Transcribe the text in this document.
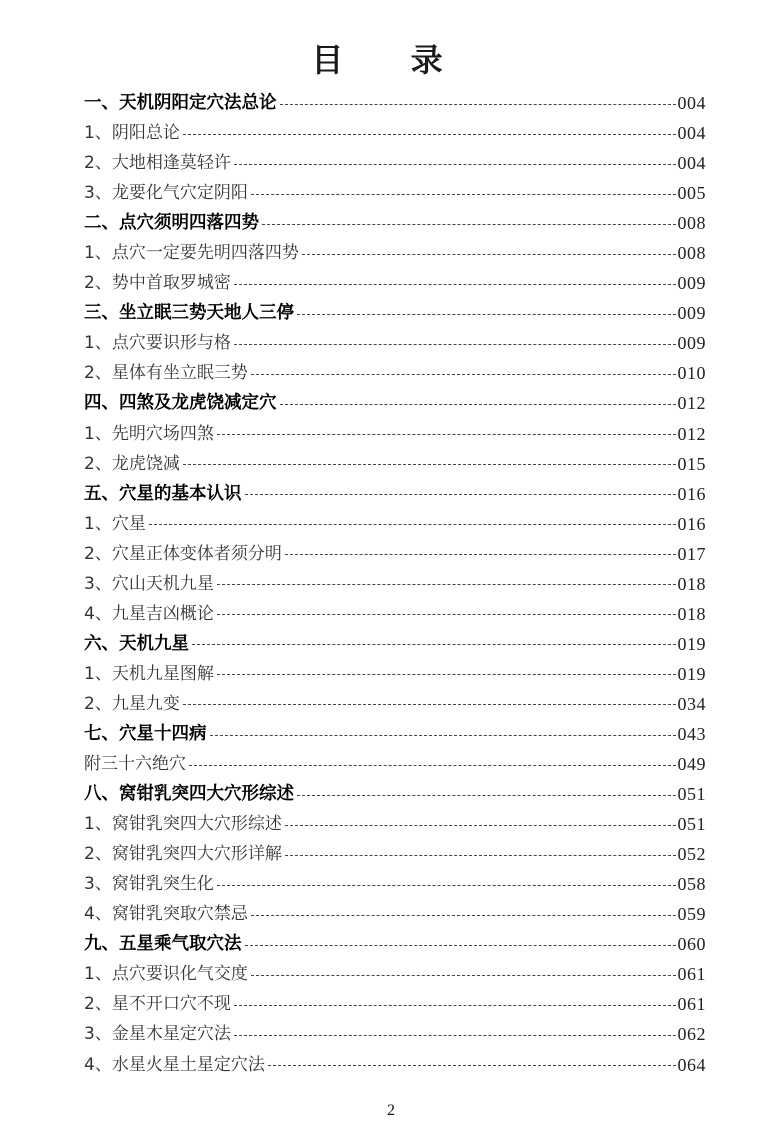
目 录
一、天机阴阳定穴法总论	004
1、阴阳总论	004
2、大地相逢莫轻许	004
3、龙要化气穴定阴阳	005
二、点穴须明四落四势	008
1、点穴一定要先明四落四势	008
2、势中首取罗城密	009
三、坐立眠三势天地人三停	009
1、点穴要识形与格	009
2、星体有坐立眠三势	010
四、四煞及龙虎饶减定穴	012
1、先明穴场四煞	012
2、龙虎饶减	015
五、穴星的基本认识	016
1、穴星	016
2、穴星正体变体者须分明	017
3、穴山天机九星	018
4、九星吉凶概论	018
六、天机九星	019
1、天机九星图解	019
2、九星九变	034
七、穴星十四病	043
附三十六绝穴	049
八、窝钳乳突四大穴形综述	051
1、窝钳乳突四大穴形综述	051
2、窝钳乳突四大穴形详解	052
3、窝钳乳突生化	058
4、窝钳乳突取穴禁忌	059
九、五星乘气取穴法	060
1、点穴要识化气交度	061
2、星不开口穴不现	061
3、金星木星定穴法	062
4、水星火星土星定穴法	064
2
